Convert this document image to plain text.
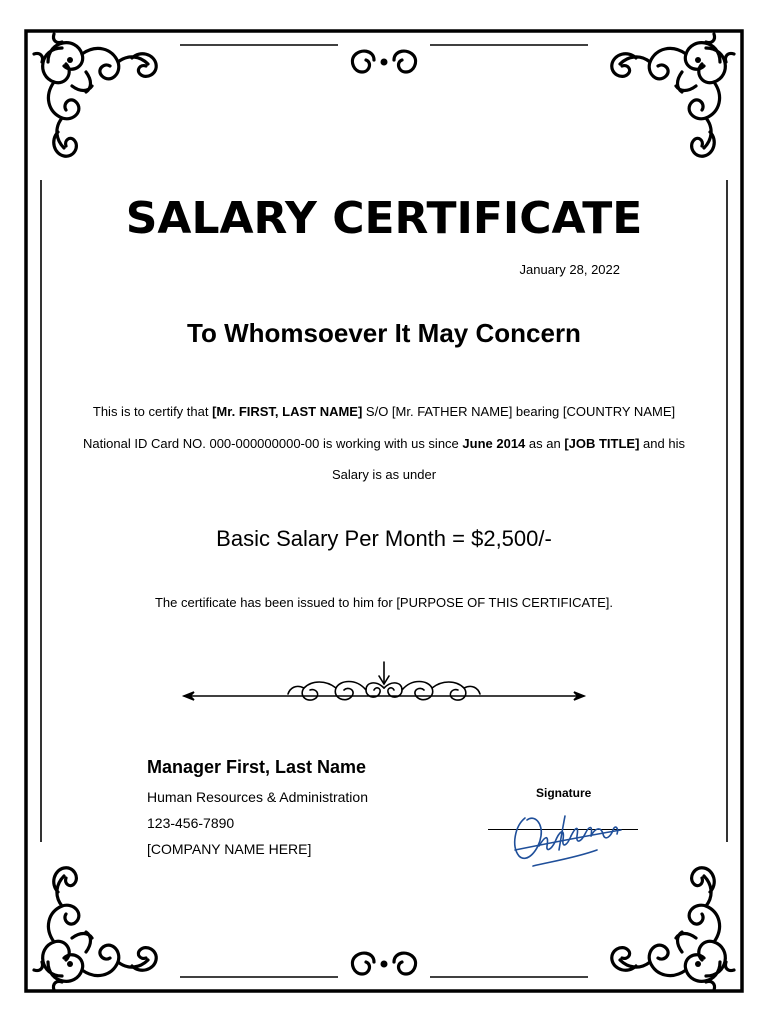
SALARY CERTIFICATE

January 28, 2022

To Whomsoever It May Concern

This is to certify that [Mr. FIRST, LAST NAME] S/O [Mr. FATHER NAME] bearing [COUNTRY NAME] National ID Card NO. 000-000000000-00 is working with us since June 2014 as an [JOB TITLE] and his Salary is as under

Basic Salary Per Month = $2,500/-

The certificate has been issued to him for [PURPOSE OF THIS CERTIFICATE].

Manager First, Last Name

Human Resources & Administration

123-456-7890

[COMPANY NAME HERE]

Signature
